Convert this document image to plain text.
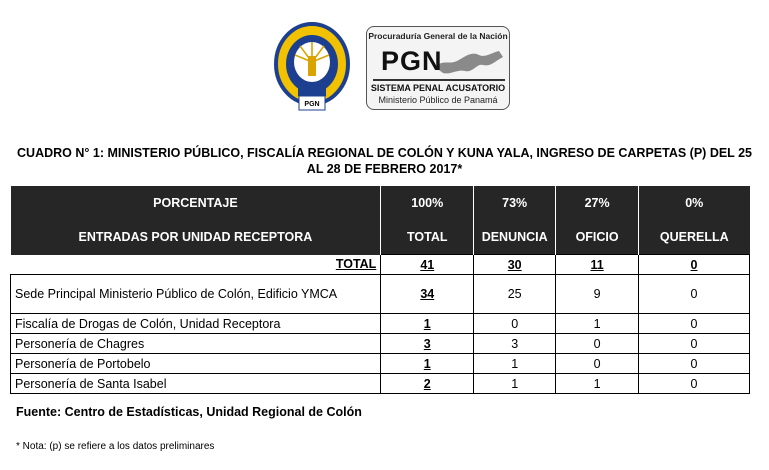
PGN
Procuraduría General de la Nación
PGN
SISTEMA PENAL ACUSATORIO
Ministerio Público de Panamá
CUADRO N° 1: MINISTERIO PÚBLICO, FISCALÍA REGIONAL DE COLÓN Y KUNA YALA, INGRESO DE CARPETAS (P) DEL 25 AL 28 DE FEBRERO 2017*
PORCENTAJE	100%	73%	27%	0%
ENTRADAS POR UNIDAD RECEPTORA	TOTAL	DENUNCIA	OFICIO	QUERELLA
TOTAL	41	30	11	0
Sede Principal Ministerio Público de Colón, Edificio YMCA	34	25	9	0
Fiscalía de Drogas de Colón, Unidad Receptora	1	0	1	0
Personería de Chagres	3	3	0	0
Personería de Portobelo	1	1	0	0
Personería de Santa Isabel	2	1	1	0
Fuente: Centro de Estadísticas, Unidad Regional de Colón
* Nota: (p) se refiere a los datos preliminares
